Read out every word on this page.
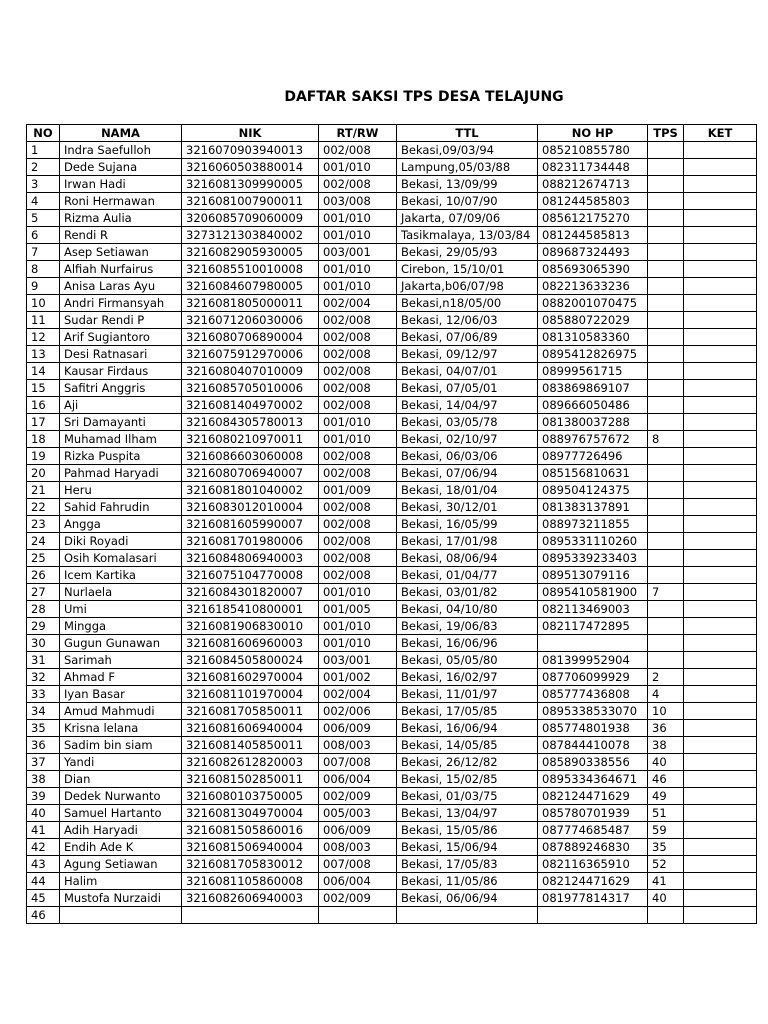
DAFTAR SAKSI TPS DESA TELAJUNG
NO	NAMA	NIK	RT/RW	TTL	NO HP	TPS	KET
1	Indra Saefulloh	3216070903940013	002/008	Bekasi,09/03/94	085210855780		
2	Dede Sujana	3216060503880014	001/010	Lampung,05/03/88	082311734448		
3	Irwan Hadi	3216081309990005	002/008	Bekasi, 13/09/99	088212674713		
4	Roni Hermawan	3216081007900011	003/008	Bekasi, 10/07/90	081244585803		
5	Rizma Aulia	3206085709060009	001/010	Jakarta, 07/09/06	085612175270		
6	Rendi R	3273121303840002	001/010	Tasikmalaya, 13/03/84	081244585813		
7	Asep Setiawan	3216082905930005	003/001	Bekasi, 29/05/93	089687324493		
8	Alfiah Nurfairus	3216085510010008	001/010	Cirebon, 15/10/01	085693065390		
9	Anisa Laras Ayu	3216084607980005	001/010	Jakarta,b06/07/98	082213633236		
10	Andri Firmansyah	3216081805000011	002/004	Bekasi,n18/05/00	0882001070475		
11	Sudar Rendi P	3216071206030006	002/008	Bekasi, 12/06/03	085880722029		
12	Arif Sugiantoro	3216080706890004	002/008	Bekasi, 07/06/89	081310583360		
13	Desi Ratnasari	3216075912970006	002/008	Bekasi, 09/12/97	0895412826975		
14	Kausar Firdaus	3216080407010009	002/008	Bekasi, 04/07/01	08999561715		
15	Safitri Anggris	3216085705010006	002/008	Bekasi, 07/05/01	083869869107		
16	Aji	3216081404970002	002/008	Bekasi, 14/04/97	089666050486		
17	Sri Damayanti	3216084305780013	001/010	Bekasi, 03/05/78	081380037288		
18	Muhamad Ilham	3216080210970011	001/010	Bekasi, 02/10/97	088976757672	8	
19	Rizka Puspita	3216086603060008	002/008	Bekasi, 06/03/06	08977726496		
20	Pahmad Haryadi	3216080706940007	002/008	Bekasi, 07/06/94	085156810631		
21	Heru	3216081801040002	001/009	Bekasi, 18/01/04	089504124375		
22	Sahid Fahrudin	3216083012010004	002/008	Bekasi, 30/12/01	081383137891		
23	Angga	3216081605990007	002/008	Bekasi, 16/05/99	088973211855		
24	Diki Royadi	3216081701980006	002/008	Bekasi, 17/01/98	0895331110260		
25	Osih Komalasari	3216084806940003	002/008	Bekasi, 08/06/94	0895339233403		
26	Icem Kartika	3216075104770008	002/008	Bekasi, 01/04/77	089513079116		
27	Nurlaela	3216084301820007	001/010	Bekasi, 03/01/82	0895410581900	7	
28	Umi	3216185410800001	001/005	Bekasi, 04/10/80	082113469003		
29	Mingga	3216081906830010	001/010	Bekasi, 19/06/83	082117472895		
30	Gugun Gunawan	3216081606960003	001/010	Bekasi, 16/06/96			
31	Sarimah	3216084505800024	003/001	Bekasi, 05/05/80	081399952904		
32	Ahmad F	3216081602970004	001/002	Bekasi, 16/02/97	087706099929	2	
33	Iyan Basar	3216081101970004	002/004	Bekasi, 11/01/97	085777436808	4	
34	Amud Mahmudi	3216081705850011	002/006	Bekasi, 17/05/85	0895338533070	10	
35	Krisna lelana	3216081606940004	006/009	Bekasi, 16/06/94	085774801938	36	
36	Sadim bin siam	3216081405850011	008/003	Bekasi, 14/05/85	087844410078	38	
37	Yandi	3216082612820003	007/008	Bekasi, 26/12/82	085890338556	40	
38	Dian	3216081502850011	006/004	Bekasi, 15/02/85	0895334364671	46	
39	Dedek Nurwanto	3216080103750005	002/009	Bekasi, 01/03/75	082124471629	49	
40	Samuel Hartanto	3216081304970004	005/003	Bekasi, 13/04/97	085780701939	51	
41	Adih Haryadi	3216081505860016	006/009	Bekasi, 15/05/86	087774685487	59	
42	Endih Ade K	3216081506940004	008/003	Bekasi, 15/06/94	087889246830	35	
43	Agung Setiawan	3216081705830012	007/008	Bekasi, 17/05/83	082116365910	52	
44	Halim	3216081105860008	006/004	Bekasi, 11/05/86	082124471629	41	
45	Mustofa Nurzaidi	3216082606940003	002/009	Bekasi, 06/06/94	081977814317	40	
46							
